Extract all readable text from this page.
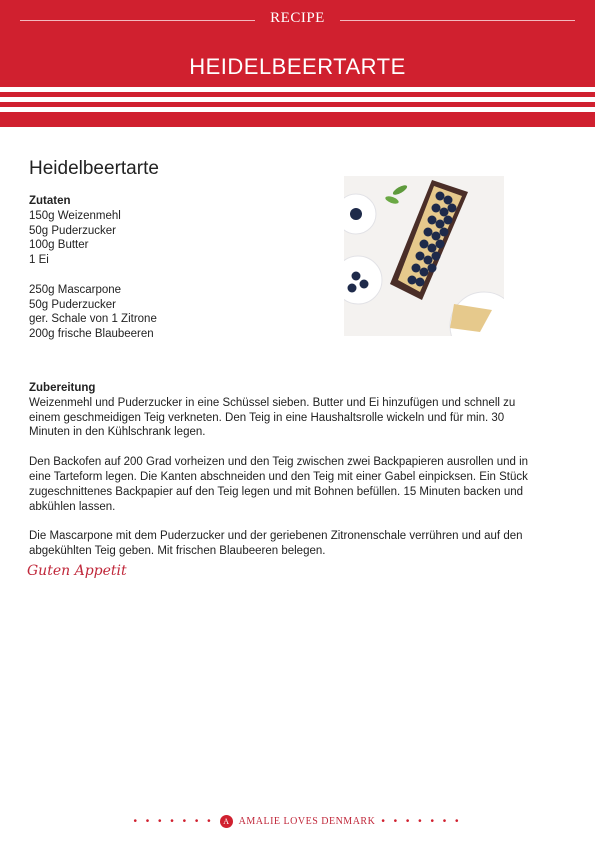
RECIPE
HEIDELBEERTARTE
Heidelbeertarte
Zutaten
150g Weizenmehl
50g Puderzucker
100g Butter
1 Ei
250g Mascarpone
50g Puderzucker
ger. Schale von 1 Zitrone
200g frische Blaubeeren
Zubereitung

Weizenmehl und Puderzucker in eine Schüssel sieben. Butter und Ei hinzufügen und schnell zu einem geschmeidigen Teig verkneten. Den Teig in eine Haushaltsrolle wickeln und für min. 30 Minuten in den Kühlschrank legen.

Den Backofen auf 200 Grad vorheizen und den Teig zwischen zwei Backpapieren ausrollen und in eine Tarteform legen. Die Kanten abschneiden und den Teig mit einer Gabel einpicksen. Ein Stück zugeschnittenes Backpapier auf den Teig legen und mit Bohnen befüllen. 15 Minuten backen und abkühlen lassen.

Die Mascarpone mit dem Puderzucker und der geriebenen Zitronenschale verrühren und auf den abgekühlten Teig geben. Mit frischen Blaubeeren belegen.

Guten Appetit
• • • • • • •	A AMALIE LOVES DENMARK • • • • • • •
